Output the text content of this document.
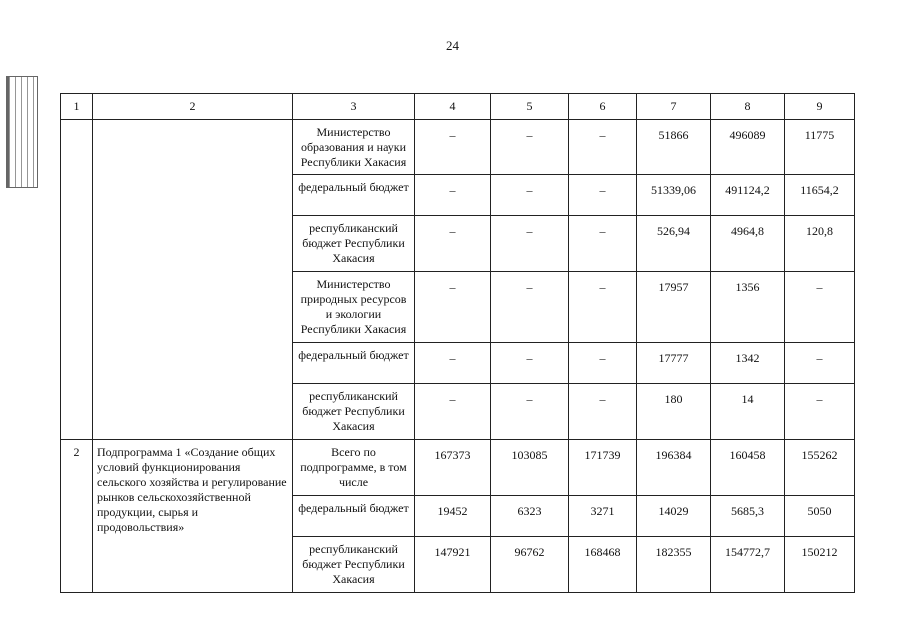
24
1	2	3	4	5	6	7	8	9
		Министерство образования и науки Республики Хакасия	–	–	–	51866	496089	11775
		федеральный бюджет	–	–	–	51339,06	491124,2	11654,2
		республиканский бюджет Республики Хакасия	–	–	–	526,94	4964,8	120,8
		Министерство природных ресурсов и экологии Республики Хакасия	–	–	–	17957	1356	–
		федеральный бюджет	–	–	–	17777	1342	–
		республиканский бюджет Республики Хакасия	–	–	–	180	14	–
2	Подпрограмма 1 «Создание общих условий функционирования сельского хозяйства и регулирование рынков сельскохозяйственной продукции, сырья и продовольствия»	Всего по подпрограмме, в том числе	167373	103085	171739	196384	160458	155262
		федеральный бюджет	19452	6323	3271	14029	5685,3	5050
		республиканский бюджет Республики Хакасия	147921	96762	168468	182355	154772,7	150212
